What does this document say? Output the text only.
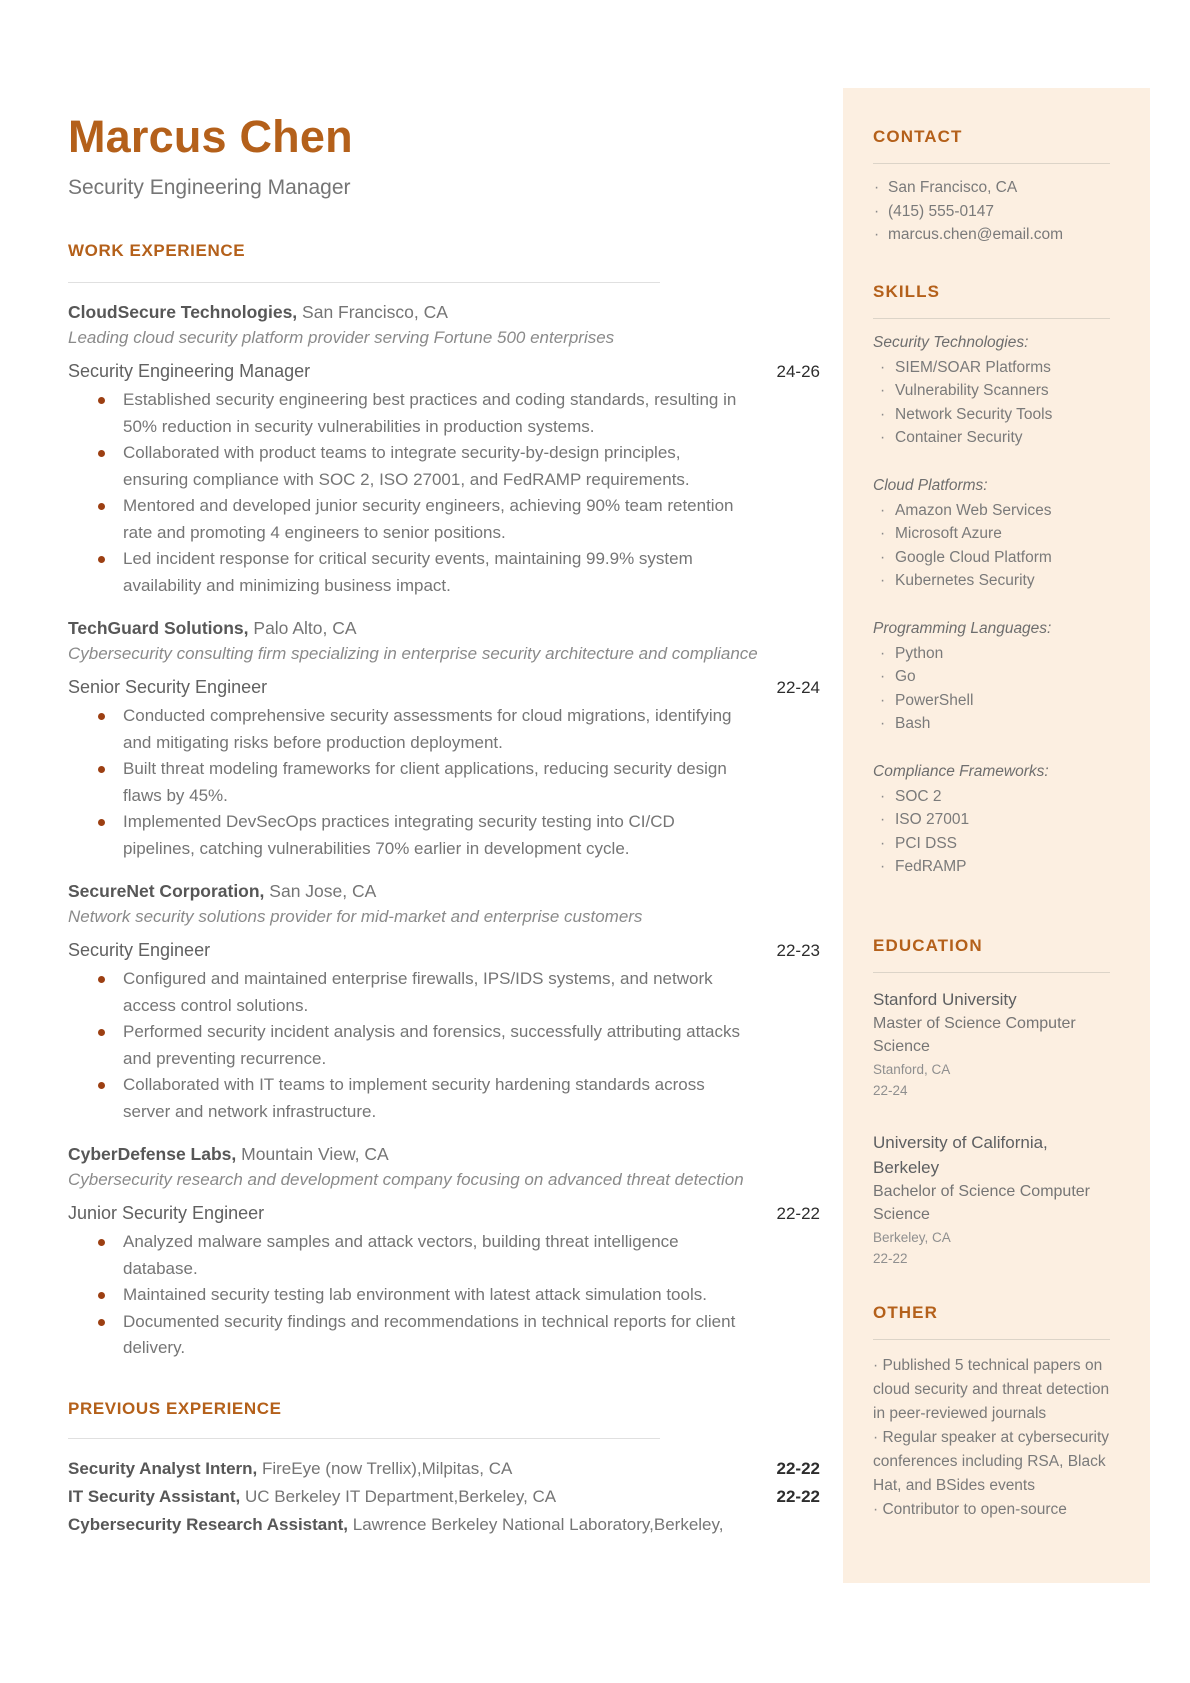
CONTACT
· San Francisco, CA
· (415) 555-0147
· marcus.chen@email.com
SKILLS
Security Technologies:
· SIEM/SOAR Platforms
· Vulnerability Scanners
· Network Security Tools
· Container Security
Cloud Platforms:
· Amazon Web Services
· Microsoft Azure
· Google Cloud Platform
· Kubernetes Security
Programming Languages:
· Python
· Go
· PowerShell
· Bash
Compliance Frameworks:
· SOC 2
· ISO 27001
· PCI DSS
· FedRAMP
EDUCATION
Stanford University
Master of Science Computer Science
Stanford, CA
22-24
University of California, Berkeley
Bachelor of Science Computer Science
Berkeley, CA
22-22
OTHER
· Published 5 technical papers on cloud security and threat detection in peer-reviewed journals
· Regular speaker at cybersecurity conferences including RSA, Black Hat, and BSides events
· Contributor to open-source
Marcus Chen
Security Engineering Manager
WORK EXPERIENCE
CloudSecure Technologies, San Francisco, CA
Leading cloud security platform provider serving Fortune 500 enterprises
Security Engineering Manager	24-26
Established security engineering best practices and coding standards, resulting in 50% reduction in security vulnerabilities in production systems.
Collaborated with product teams to integrate security-by-design principles, ensuring compliance with SOC 2, ISO 27001, and FedRAMP requirements.
Mentored and developed junior security engineers, achieving 90% team retention rate and promoting 4 engineers to senior positions.
Led incident response for critical security events, maintaining 99.9% system availability and minimizing business impact.
TechGuard Solutions, Palo Alto, CA
Cybersecurity consulting firm specializing in enterprise security architecture and compliance
Senior Security Engineer	22-24
Conducted comprehensive security assessments for cloud migrations, identifying and mitigating risks before production deployment.
Built threat modeling frameworks for client applications, reducing security design flaws by 45%.
Implemented DevSecOps practices integrating security testing into CI/CD pipelines, catching vulnerabilities 70% earlier in development cycle.
SecureNet Corporation, San Jose, CA
Network security solutions provider for mid-market and enterprise customers
Security Engineer	22-23
Configured and maintained enterprise firewalls, IPS/IDS systems, and network access control solutions.
Performed security incident analysis and forensics, successfully attributing attacks and preventing recurrence.
Collaborated with IT teams to implement security hardening standards across server and network infrastructure.
CyberDefense Labs, Mountain View, CA
Cybersecurity research and development company focusing on advanced threat detection
Junior Security Engineer	22-22
Analyzed malware samples and attack vectors, building threat intelligence database.
Maintained security testing lab environment with latest attack simulation tools.
Documented security findings and recommendations in technical reports for client delivery.
PREVIOUS EXPERIENCE
Security Analyst Intern, FireEye (now Trellix),Milpitas, CA	22-22
IT Security Assistant, UC Berkeley IT Department,Berkeley, CA	22-22
Cybersecurity Research Assistant, Lawrence Berkeley National Laboratory,Berkeley,
